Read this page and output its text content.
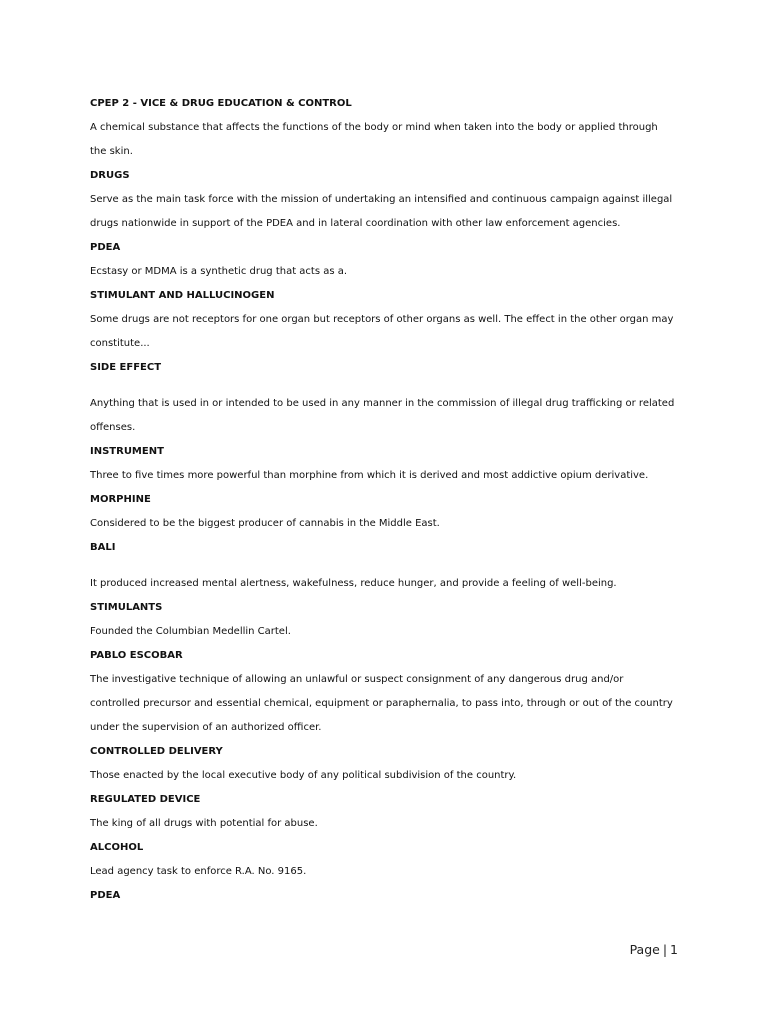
CPEP 2 - VICE & DRUG EDUCATION & CONTROL

A chemical substance that affects the functions of the body or mind when taken into the body or applied through

the skin.

DRUGS

Serve as the main task force with the mission of undertaking an intensified and continuous campaign against illegal

drugs nationwide in support of the PDEA and in lateral coordination with other law enforcement agencies.

PDEA

Ecstasy or MDMA is a synthetic drug that acts as a.

STIMULANT AND HALLUCINOGEN

Some drugs are not receptors for one organ but receptors of other organs as well. The effect in the other organ may

constitute...

SIDE EFFECT

Anything that is used in or intended to be used in any manner in the commission of illegal drug trafficking or related

offenses.

INSTRUMENT

Three to five times more powerful than morphine from which it is derived and most addictive opium derivative.

MORPHINE

Considered to be the biggest producer of cannabis in the Middle East.

BALI

It produced increased mental alertness, wakefulness, reduce hunger, and provide a feeling of well-being.

STIMULANTS

Founded the Columbian Medellin Cartel.

PABLO ESCOBAR

The investigative technique of allowing an unlawful or suspect consignment of any dangerous drug and/or

controlled precursor and essential chemical, equipment or paraphernalia, to pass into, through or out of the country

under the supervision of an authorized officer.

CONTROLLED DELIVERY

Those enacted by the local executive body of any political subdivision of the country.

REGULATED DEVICE

The king of all drugs with potential for abuse.

ALCOHOL

Lead agency task to enforce R.A. No. 9165.

PDEA

Page | 1
